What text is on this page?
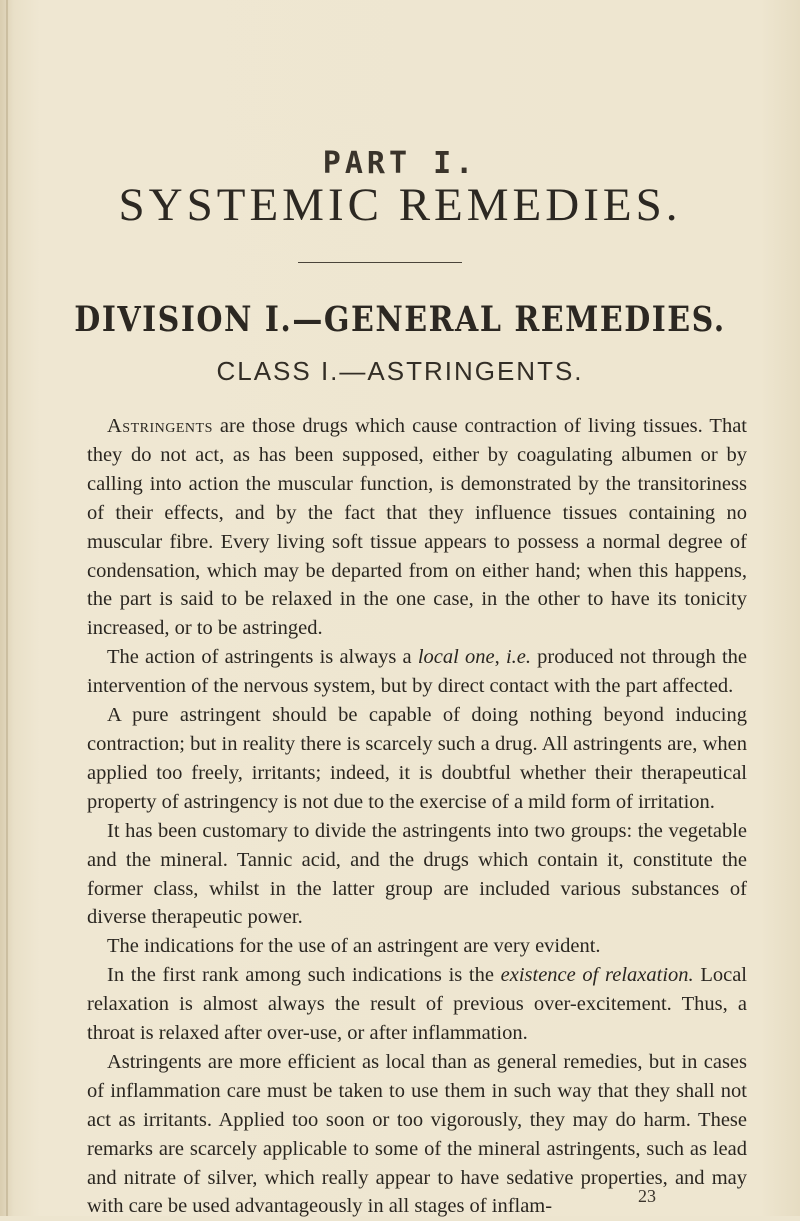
PART I.
SYSTEMIC REMEDIES.
DIVISION I.—GENERAL REMEDIES.
CLASS I.—ASTRINGENTS.

Astringents are those drugs which cause contraction of living tissues. That they do not act, as has been supposed, either by coagulating albumen or by calling into action the muscular function, is demonstrated by the transitoriness of their effects, and by the fact that they influence tissues containing no muscular fibre. Every living soft tissue appears to possess a normal degree of condensation, which may be departed from on either hand; when this happens, the part is said to be relaxed in the one case, in the other to have its tonicity increased, or to be astringed.

The action of astringents is always a local one, i.e. produced not through the intervention of the nervous system, but by direct contact with the part affected.

A pure astringent should be capable of doing nothing beyond inducing contraction; but in reality there is scarcely such a drug. All astringents are, when applied too freely, irritants; indeed, it is doubtful whether their therapeutical property of astringency is not due to the exercise of a mild form of irritation.

It has been customary to divide the astringents into two groups: the vegetable and the mineral. Tannic acid, and the drugs which contain it, constitute the former class, whilst in the latter group are included various substances of diverse therapeutic power.

The indications for the use of an astringent are very evident.

In the first rank among such indications is the existence of relaxation. Local relaxation is almost always the result of previous over-excitement. Thus, a throat is relaxed after over-use, or after inflammation.

Astringents are more efficient as local than as general remedies, but in cases of inflammation care must be taken to use them in such way that they shall not act as irritants. Applied too soon or too vigorously, they may do harm. These remarks are scarcely applicable to some of the mineral astringents, such as lead and nitrate of silver, which really appear to have sedative properties, and may with care be used advantageously in all stages of inflam-	23
